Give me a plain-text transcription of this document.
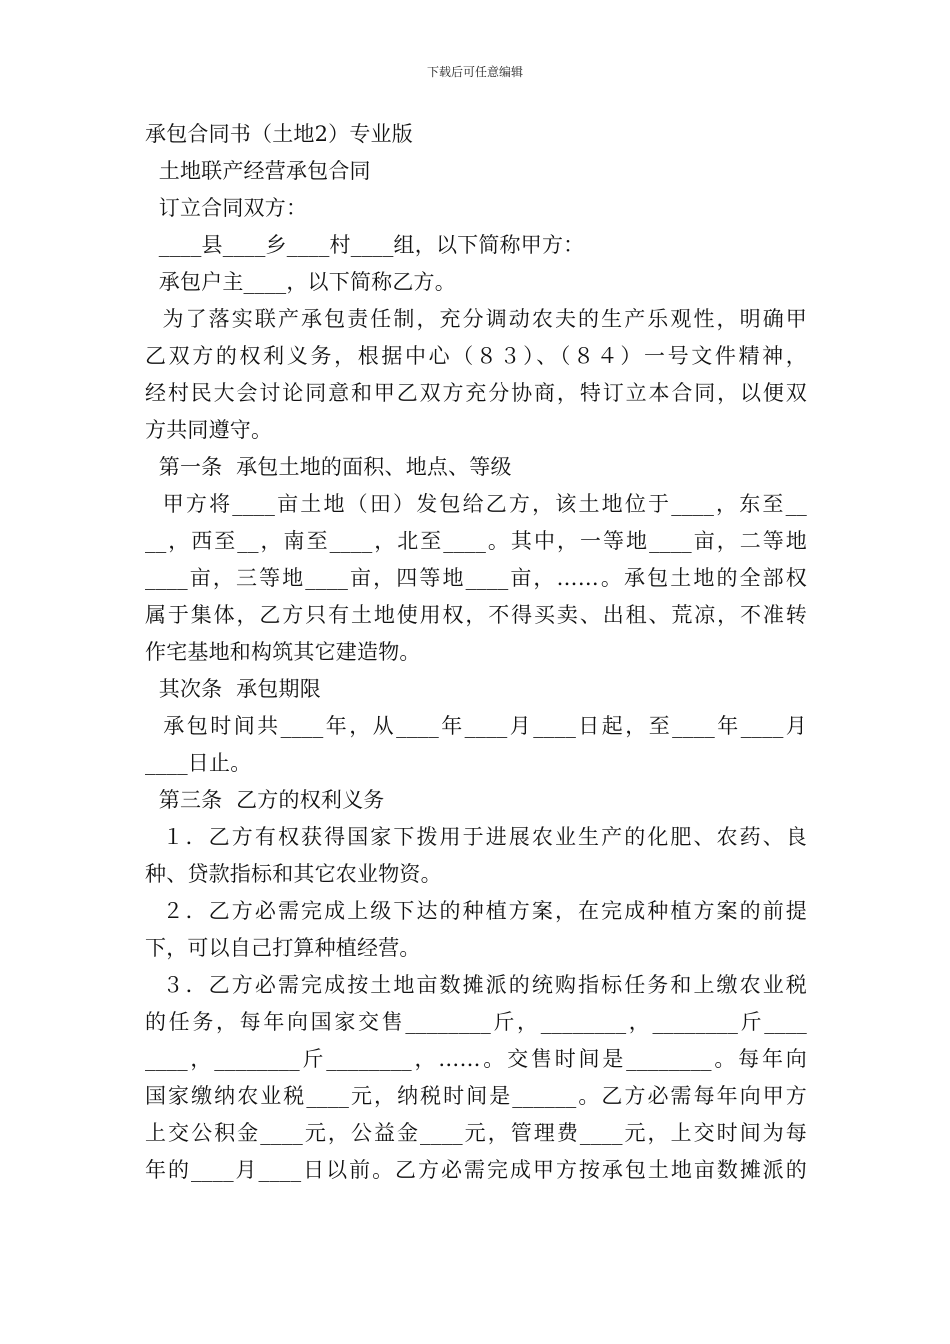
下载后可任意编辑
承包合同书（土地2）专业版
土地联产经营承包合同
订立合同双方：
____县____乡____村____组，以下简称甲方：
承包户主____，以下简称乙方。
为了落实联产承包责任制，充分调动农夫的生产乐观性，明确甲
乙双方的权利义务，根据中心（８３）、（８４）一号文件精神，
经村民大会讨论同意和甲乙双方充分协商，特订立本合同，以便双
方共同遵守。
第一条  承包土地的面积、地点、等级
甲方将____亩土地（田）发包给乙方，该土地位于____，东至__
__，西至__，南至____，北至____。其中，一等地____亩，二等地
____亩，三等地____亩，四等地____亩，……。承包土地的全部权
属于集体，乙方只有土地使用权，不得买卖、出租、荒凉，不准转
作宅基地和构筑其它建造物。
其次条  承包期限
承包时间共____年，从____年____月____日起，至____年____月
____日止。
第三条  乙方的权利义务
１．乙方有权获得国家下拨用于进展农业生产的化肥、农药、良
种、贷款指标和其它农业物资。
２．乙方必需完成上级下达的种植方案，在完成种植方案的前提
下，可以自己打算种植经营。
３．乙方必需完成按土地亩数摊派的统购指标任务和上缴农业税
的任务，每年向国家交售________斤，________，________斤____
____，________斤________，……。交售时间是________。每年向
国家缴纳农业税____元，纳税时间是______。乙方必需每年向甲方
上交公积金____元，公益金____元，管理费____元，上交时间为每
年的____月____日以前。乙方必需完成甲方按承包土地亩数摊派的
